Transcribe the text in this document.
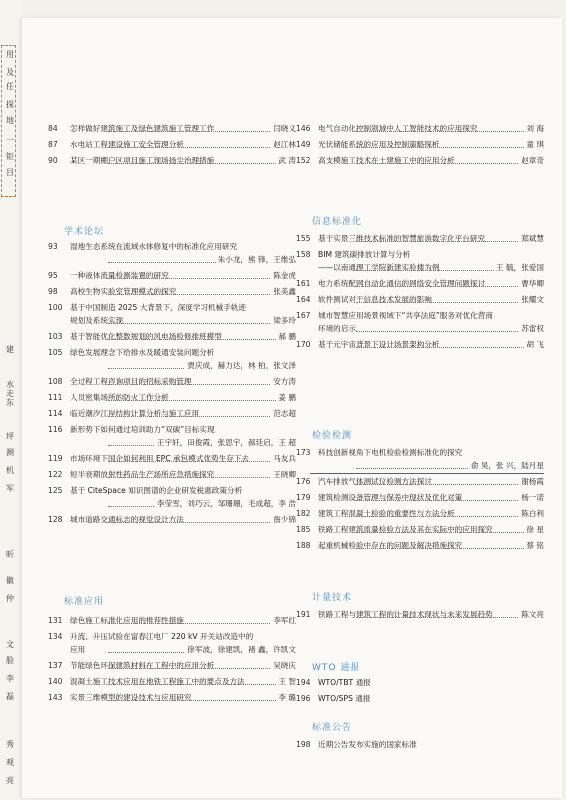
用
及
任
探
地
一
钜
目
建
水走
东
坪
测
机
军
昕
徽
仲
文
脸
李
磊
秀
观
亮
84	怎样做好建筑施工及绿色建筑施工管理工作	闫晓义
87	水电站工程建设施工安全管理分析	赵江林
90	某区一期棚户区项目施工现场扬尘治理措施	武 涛
学术论坛
93	湿地生态系统在流域水体修复中的标准化应用研究
朱小龙，熊 锋，王维弘
95	一种液体流量检测装置的研究	陈金虎
98	高校生物实验室管理模式的探究	张美鑫
100 基于中国制造 2025 大背景下，深度学习机械手轨迹
规划及系统实现	梁多玲
103 基于智能优化整数规划的风电场检修排班模型	郝 鹏
105 绿色发展理念下给排水及暖通安装问题分析
贾庆成，赫力达，林 柏，张文泽
108 全过程工程咨询项目的招标采购管理	安方涛
111 人员密集场所的防火工作分析	姜 鹏
114 临近潮汐江岸结构计算分析与施工应用	范志超
116 新形势下如何通过培训助力“双碳”目标实现
王宇轩，田俊霞，张思宇，郝廷启，王 超
119 市场环境下国企如何利用 EPC 承包模式优势生存下去	马友兵
122 短半衰期放射性药品生产场所应急措施探究	王晓卿
125 基于 CiteSpace 知识图谱的企业研发税惠政策分析
李莹雪，刘巧云，邹珊珊，毛成超，李 浩
128 城市道路交通标志的视觉设计方法	詹少锦
标准应用
131 绿色施工标准化应用的推荐性措施	李军红
134 升流、升压试验在富春江电厂 220 kV 开关站改造中的
应用	徐军波，徐建凯，褚 鑫，许凯文
137 节能绿色环保建筑材料在工程中的应用分析	吴晓庆
140 混凝土施工技术应用在地铁工程施工中的要点及方法	王 智
143 实景三维模型的建设技术与应用研究	李 璐
146 电气自动化控制领域中人工智能技术的应用探究	刘 海
149 光伏储能系统的应用及控制策略探析	童 琪
152 高支模施工技术在土建施工中的应用分析	赵章奇
信息标准化
155 基于实景三维技术标准的智慧旅游数字化平台研究	郑斌慧
158 BIM 建筑碳排放计算与分析
——以南通理工学院新建实验楼为例	王 毓，张爱国
161 电力系统配网自动化通信的网络安全管理问题探讨	曹华卿
164 软件测试对于信息技术发展的影响	张耀文
167 城市智慧应用场景视域下“共享法庭”服务对优化营商
环境的启示	苏雷权
170 基于元宇宙背景下设计场景架构分析	胡 飞
检验检测
173 科技创新视角下电机检验检测标准化的探究
俞 昊，张 兴，陆月星
176 汽车排放气体测试仪检测方法探讨	谢杨霞
179 建筑检测设备管理与保养中现状及优化对策	杨一诺
182 建筑工程混凝土检验的重要性与方法分析	陈白利
185 铁路工程建筑质量检验方法及其在实际中的应用探究	徐 星
188 起重机械检验中存在的问题及解决措施探究	蔡 铭
计量技术
191 铁路工程与建筑工程的计量技术现状与未来发展趋势	陈文亮
WTO 通报
194 WTO/TBT 通报
196 WTO/SPS 通报
标准公告
198 近期公告发布实施的国家标准
